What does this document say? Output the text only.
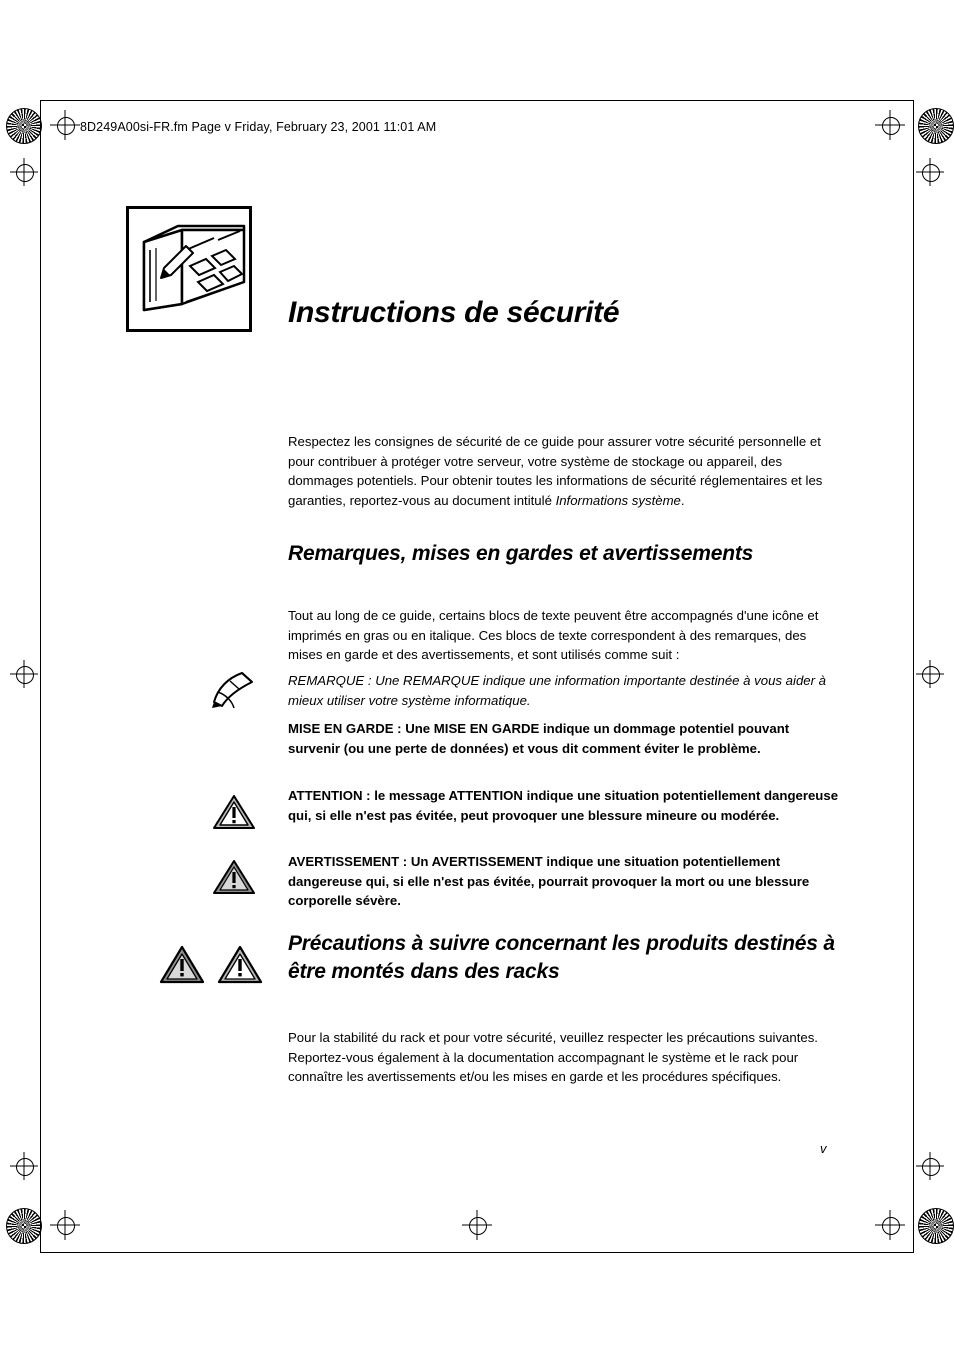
8D249A00si-FR.fm Page v Friday, February 23, 2001 11:01 AM
Instructions de sécurité
Respectez les consignes de sécurité de ce guide pour assurer votre sécurité personnelle et pour contribuer à protéger votre serveur, votre système de stockage ou appareil, des dommages potentiels. Pour obtenir toutes les informations de sécurité réglementaires et les garanties, reportez-vous au document intitulé Informations système.
Remarques, mises en gardes et avertissements
Tout au long de ce guide, certains blocs de texte peuvent être accompagnés d'une icône et imprimés en gras ou en italique. Ces blocs de texte correspondent à des remarques, des mises en garde et des avertissements, et sont utilisés comme suit :
REMARQUE : Une REMARQUE indique une information importante destinée à vous aider à mieux utiliser votre système informatique.
MISE EN GARDE : Une MISE EN GARDE indique un dommage potentiel pouvant survenir (ou une perte de données) et vous dit comment éviter le problème.
ATTENTION : le message ATTENTION indique une situation potentiellement dangereuse qui, si elle n'est pas évitée, peut provoquer une blessure mineure ou modérée.
AVERTISSEMENT : Un AVERTISSEMENT indique une situation potentiellement dangereuse qui, si elle n'est pas évitée, pourrait provoquer la mort ou une blessure corporelle sévère.
Précautions à suivre concernant les produits destinés à être montés dans des racks
Pour la stabilité du rack et pour votre sécurité, veuillez respecter les précautions suivantes. Reportez-vous également à la documentation accompagnant le système et le rack pour connaître les avertissements et/ou les mises en garde et les procédures spécifiques.
v
